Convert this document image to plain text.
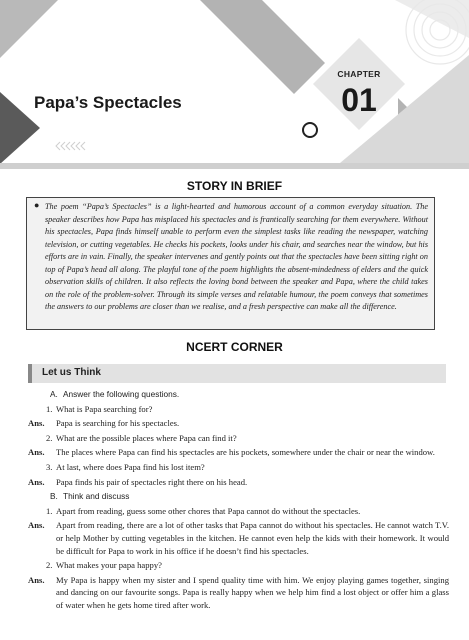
Papa’s Spectacles
CHAPTER
01
STORY IN BRIEF
● The poem “Papa’s Spectacles” is a light-hearted and humorous account of a common everyday situation. The speaker describes how Papa has misplaced his spectacles and is frantically searching for them everywhere. Without his spectacles, Papa finds himself unable to perform even the simplest tasks like reading the newspaper, watching television, or cutting vegetables. He checks his pockets, looks under his chair, and searches near the window, but his efforts are in vain. Finally, the speaker intervenes and gently points out that the spectacles have been sitting right on top of Papa’s head all along. The playful tone of the poem highlights the absent-mindedness of elders and the quick observation skills of children. It also reflects the loving bond between the speaker and Papa, where the child takes on the role of the problem-solver. Through its simple verses and relatable humour, the poem conveys that sometimes the answers to our problems are closer than we realise, and a fresh perspective can make all the difference.

NCERT CORNER
Let us Think
A. Answer the following questions.
1. What is Papa searching for?
Ans. Papa is searching for his spectacles.
2. What are the possible places where Papa can find it?
Ans. The places where Papa can find his spectacles are his pockets, somewhere under the chair or near the window.
3. At last, where does Papa find his lost item?
Ans. Papa finds his pair of spectacles right there on his head.
B. Think and discuss
1. Apart from reading, guess some other chores that Papa cannot do without the spectacles.
Ans. Apart from reading, there are a lot of other tasks that Papa cannot do without his spectacles. He cannot watch T.V. or help Mother by cutting vegetables in the kitchen. He cannot even help the kids with their homework. It would be difficult for Papa to work in his office if he doesn’t find his spectacles.
2. What makes your papa happy?
Ans. My Papa is happy when my sister and I spend quality time with him. We enjoy playing games together, singing and dancing on our favourite songs. Papa is really happy when we help him find a lost object or offer him a glass of water when he gets home tired after work.
